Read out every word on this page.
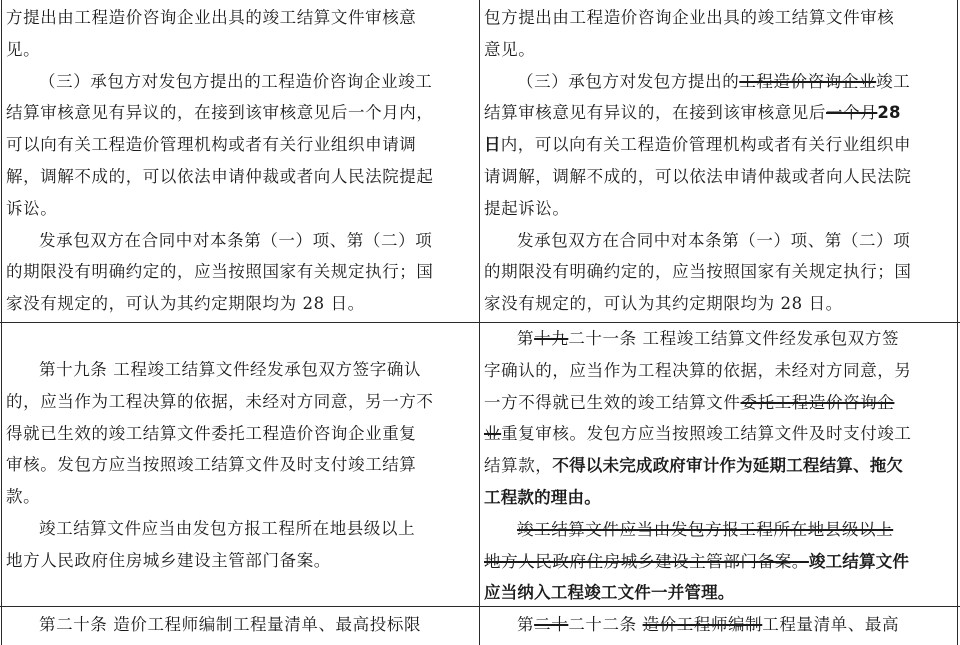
方提出由工程造价咨询企业出具的竣工结算文件审核意
见。
（三）承包方对发包方提出的工程造价咨询企业竣工
结算审核意见有异议的，在接到该审核意见后一个月内，
可以向有关工程造价管理机构或者有关行业组织申请调
解，调解不成的，可以依法申请仲裁或者向人民法院提起
诉讼。
发承包双方在合同中对本条第（一）项、第（二）项
的期限没有明确约定的，应当按照国家有关规定执行；国
家没有规定的，可认为其约定期限均为 28 日。
包方提出由工程造价咨询企业出具的竣工结算文件审核
意见。
（三）承包方对发包方提出的工程造价咨询企业竣工
结算审核意见有异议的，在接到该审核意见后一个月28
日内，可以向有关工程造价管理机构或者有关行业组织申
请调解，调解不成的，可以依法申请仲裁或者向人民法院
提起诉讼。
发承包双方在合同中对本条第（一）项、第（二）项
的期限没有明确约定的，应当按照国家有关规定执行；国
家没有规定的，可认为其约定期限均为 28 日。
第十九条 工程竣工结算文件经发承包双方签字确认
的，应当作为工程决算的依据，未经对方同意，另一方不
得就已生效的竣工结算文件委托工程造价咨询企业重复
审核。发包方应当按照竣工结算文件及时支付竣工结算
款。
竣工结算文件应当由发包方报工程所在地县级以上
地方人民政府住房城乡建设主管部门备案。
第十九二十一条 工程竣工结算文件经发承包双方签
字确认的，应当作为工程决算的依据，未经对方同意，另
一方不得就已生效的竣工结算文件委托工程造价咨询企
业重复审核。发包方应当按照竣工结算文件及时支付竣工
结算款，不得以未完成政府审计作为延期工程结算、拖欠
工程款的理由。
竣工结算文件应当由发包方报工程所在地县级以上
地方人民政府住房城乡建设主管部门备案。竣工结算文件
应当纳入工程竣工文件一并管理。
第二十条 造价工程师编制工程量清单、最高投标限	第二十二十二条 造价工程师编制工程量清单、最高
